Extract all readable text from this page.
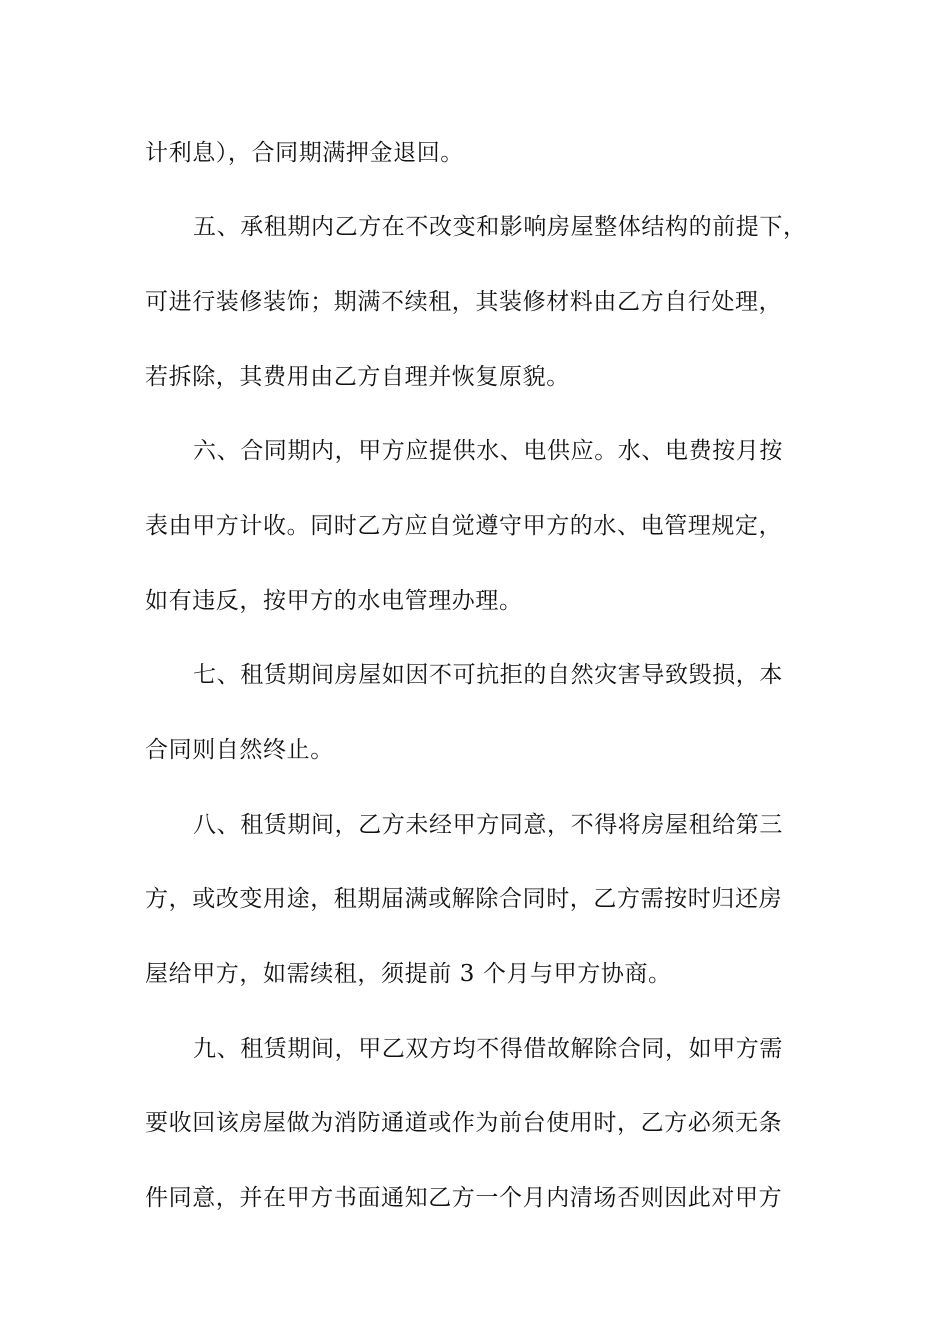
计利息），合同期满押金退回。
五、承租期内乙方在不改变和影响房屋整体结构的前提下，
可进行装修装饰；期满不续租，其装修材料由乙方自行处理，
若拆除，其费用由乙方自理并恢复原貌。
六、合同期内，甲方应提供水、电供应。水、电费按月按
表由甲方计收。同时乙方应自觉遵守甲方的水、电管理规定，
如有违反，按甲方的水电管理办理。
七、租赁期间房屋如因不可抗拒的自然灾害导致毁损，本
合同则自然终止。
八、租赁期间，乙方未经甲方同意，不得将房屋租给第三
方，或改变用途，租期届满或解除合同时，乙方需按时归还房
屋给甲方，如需续租，须提前 3 个月与甲方协商。
九、租赁期间，甲乙双方均不得借故解除合同，如甲方需
要收回该房屋做为消防通道或作为前台使用时，乙方必须无条
件同意，并在甲方书面通知乙方一个月内清场否则因此对甲方
